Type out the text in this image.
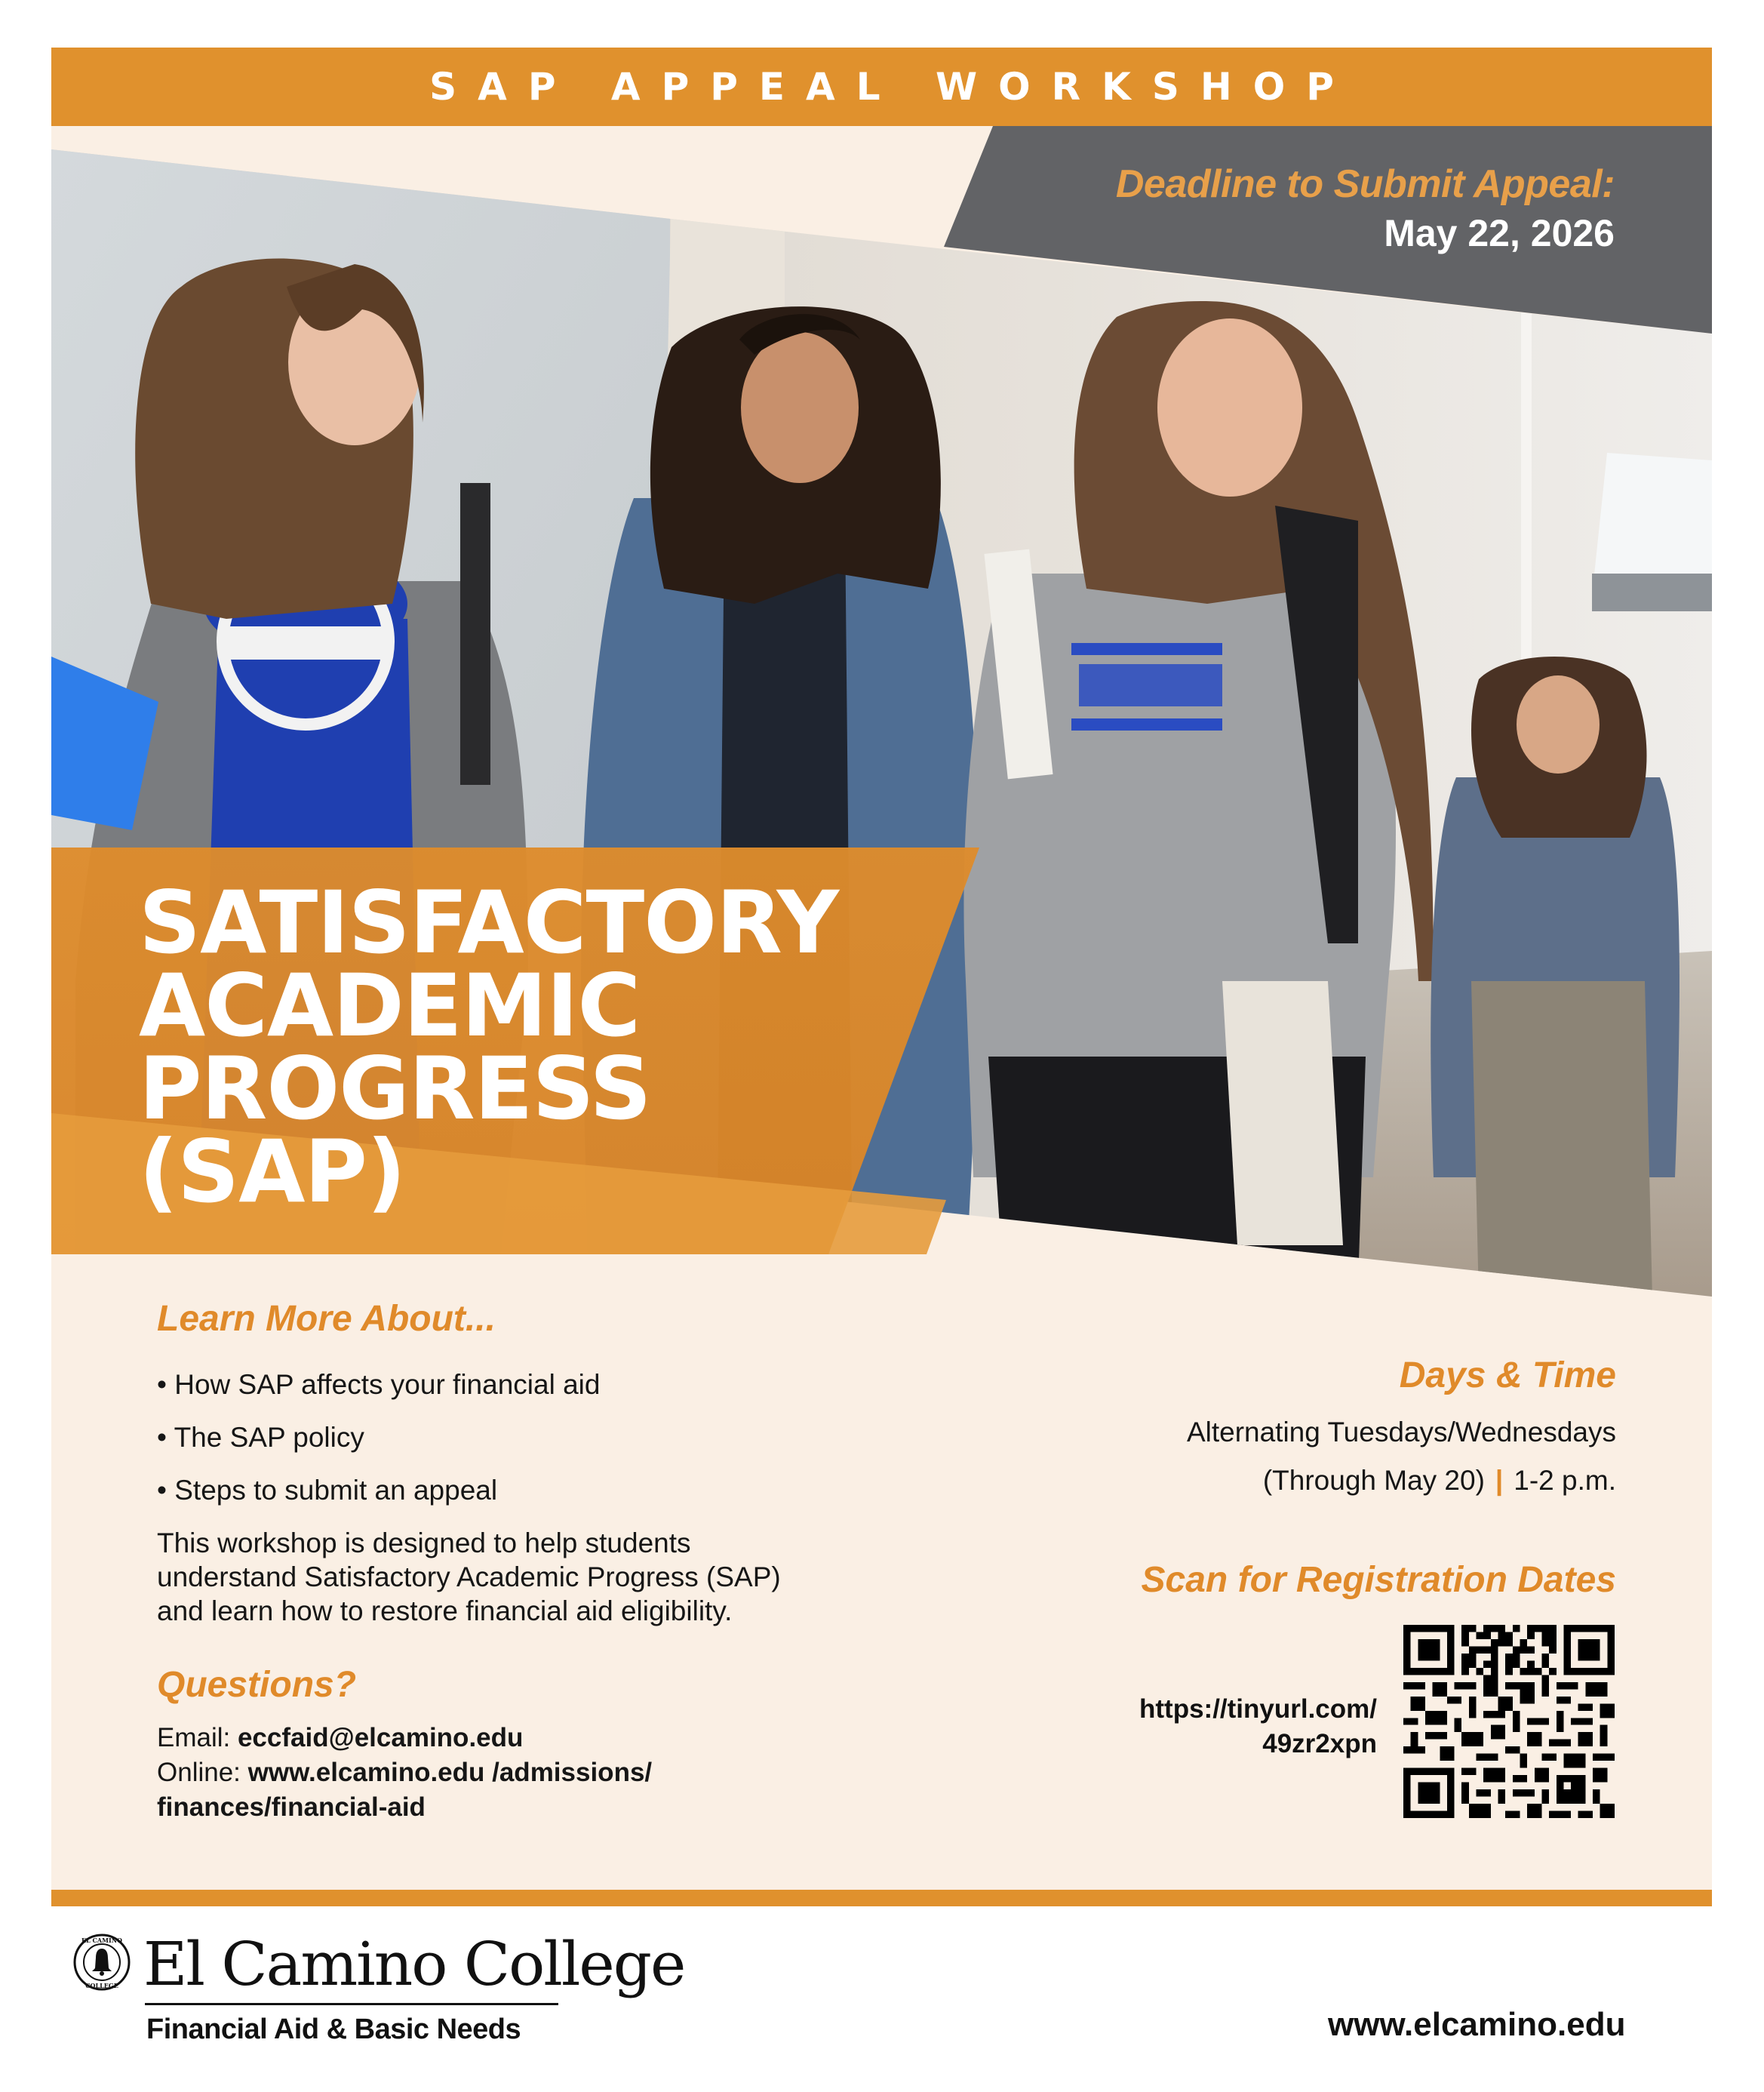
SAP APPEAL WORKSHOP
Deadline to Submit Appeal:
May 22, 2026
SATISFACTORY
ACADEMIC
PROGRESS
(SAP)
Learn More About...
• How SAP affects your financial aid
• The SAP policy
• Steps to submit an appeal
This workshop is designed to help students
understand Satisfactory Academic Progress (SAP)
and learn how to restore financial aid eligibility.
Questions?
Email: eccfaid@elcamino.edu
Online: www.elcamino.edu /admissions/
finances/financial-aid
Days & Time
Alternating Tuesdays/Wednesdays
(Through May 20) | 1-2 p.m.
Scan for Registration Dates
https://tinyurl.com/
49zr2xpn
EL CAMINO
COLLEGE El Camino College
Financial Aid & Basic Needs	www.elcamino.edu
